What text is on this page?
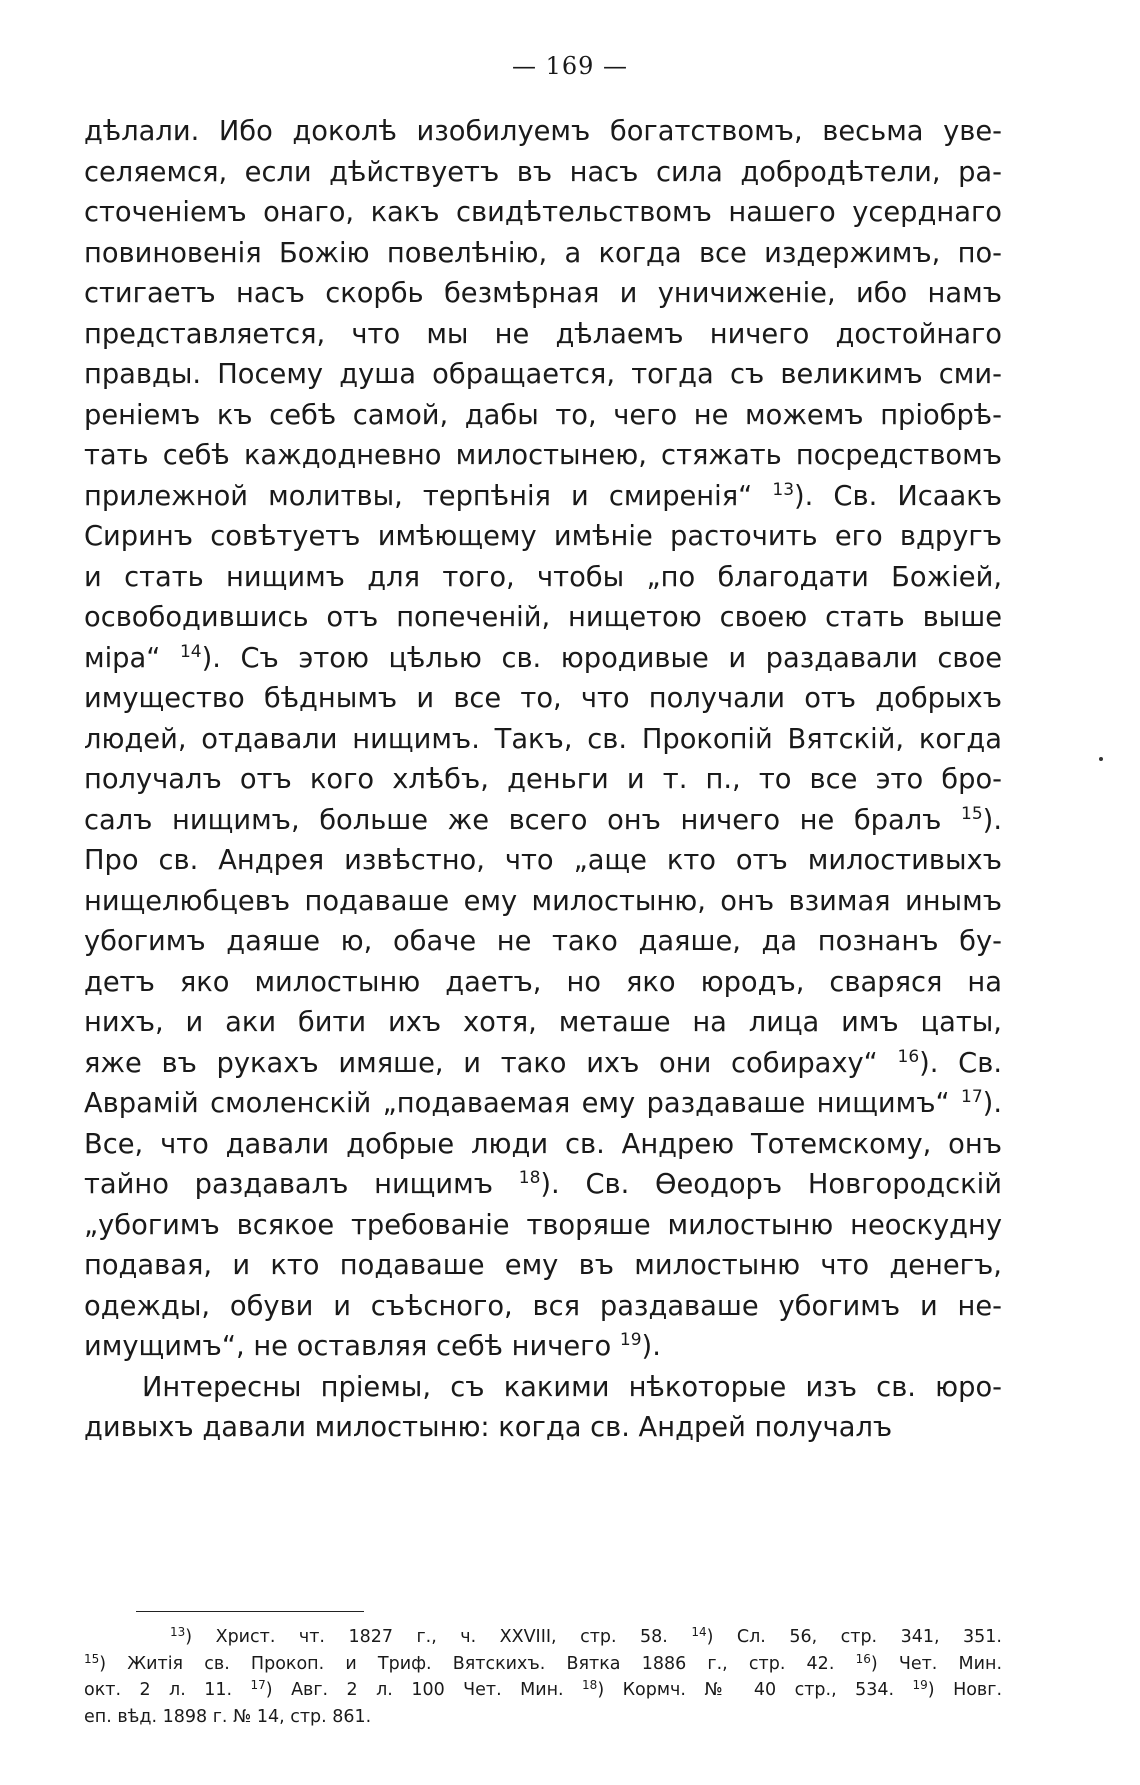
— 169 —
дѣлали. Ибо доколѣ изобилуемъ богатствомъ, весьма уве-
селяемся, если дѣйствуетъ въ насъ сила добродѣтели, ра-
сточеніемъ онаго, какъ свидѣтельствомъ нашего усерднаго
повиновенія Божію повелѣнію, а когда все издержимъ, по-
стигаетъ насъ скорбь безмѣрная и уничиженіе, ибо намъ
представляется, что мы не дѣлаемъ ничего достойнаго
правды. Посему душа обращается, тогда съ великимъ сми-
реніемъ къ себѣ самой, дабы то, чего не можемъ пріобрѣ-
тать себѣ каждодневно милостынею, стяжать посредствомъ
прилежной молитвы, терпѣнія и смиренія“ $^{13}$). Св. Исаакъ
Сиринъ совѣтуетъ имѣющему имѣніе расточить его вдругъ
и стать нищимъ для того, чтобы „по благодати Божіей,
освободившись отъ попеченій, нищетою своею стать выше
міра“ $^{14}$). Съ этою цѣлью св. юродивые и раздавали свое
имущество бѣднымъ и все то, что получали отъ добрыхъ
людей, отдавали нищимъ. Такъ, св. Прокопій Вятскій, когда
получалъ отъ кого хлѣбъ, деньги и т. п., то все это бро-
салъ нищимъ, больше же всего онъ ничего не бралъ $^{15}$).
Про св. Андрея извѣстно, что „аще кто отъ милостивыхъ
нищелюбцевъ подаваше ему милостыню, онъ взимая инымъ
убогимъ даяше ю, обаче не тако даяше, да познанъ бу-
детъ яко милостыню даетъ, но яко юродъ, сваряся на
нихъ, и аки бити ихъ хотя, меташе на лица имъ цаты,
яже въ рукахъ имяше, и тако ихъ они собираху“ $^{16}$). Св.
Аврамій смоленскій „подаваемая ему раздаваше нищимъ“ $^{17}$).
Все, что давали добрые люди св. Андрею Тотемскому, онъ
тайно раздавалъ нищимъ $^{18}$). Св. Ѳеодоръ Новгородскій
„убогимъ всякое требованіе творяше милостыню неоскудну
подавая, и кто подаваше ему въ милостыню что денегъ,
одежды, обуви и съѣсного, вся раздаваше убогимъ и не-
имущимъ“, не оставляя себѣ ничего $^{19}$).
Интересны пріемы, съ какими нѣкоторые изъ св. юро-
дивыхъ давали милостыню: когда св. Андрей получалъ
$^{13}$) Христ. чт. 1827 г., ч. XXVIII, стр. 58. $^{14}$) Сл. 56, стр. 341, 351.
$^{15}$) Житія св. Прокоп. и Триф. Вятскихъ. Вятка 1886 г., стр. 42. $^{16}$) Чет. Мин.
окт. 2 л. 11. $^{17}$) Авг. 2 л. 100 Чет. Мин. $^{18}$) Кормч. № 40 стр., 534. $^{19}$) Новг.
еп. вѣд. 1898 г. № 14, стр. 861.
